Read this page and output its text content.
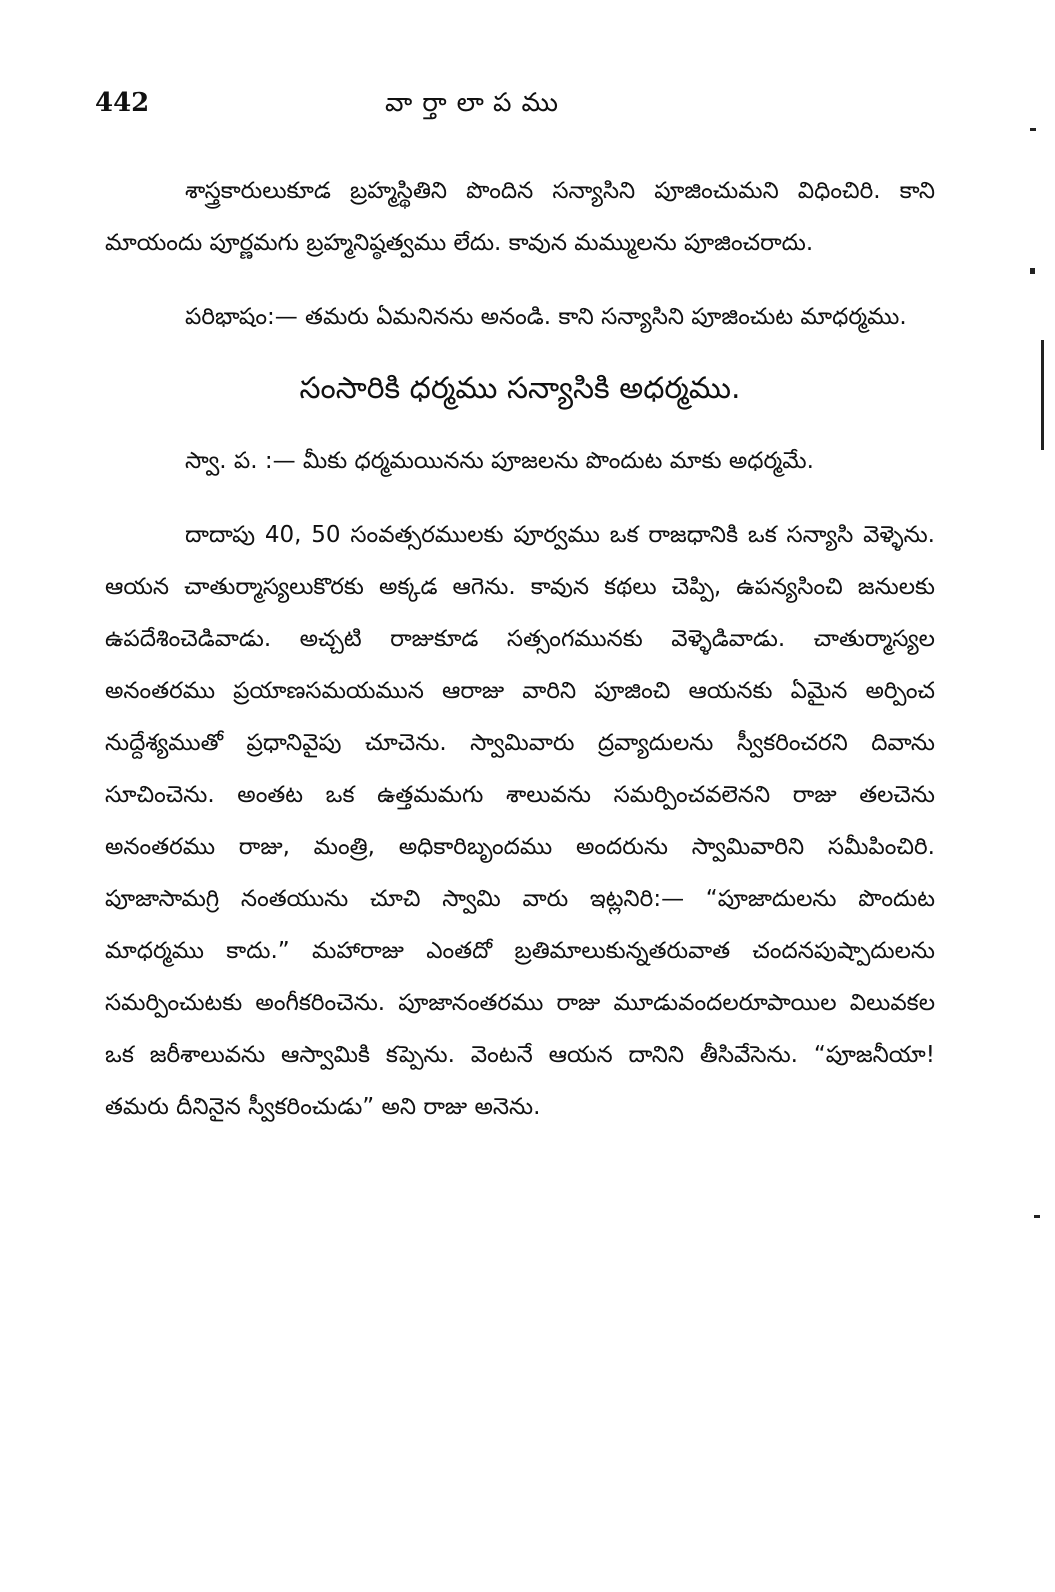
442	వార్తాలాపము

శాస్త్రకారులుకూడ బ్రహ్మస్థితిని పొందిన సన్యాసిని పూజించుమని విధించిరి. కాని మాయందు పూర్ణమగు బ్రహ్మనిష్ఠత్వము లేదు. కావున మమ్ములను పూజించరాదు.

పరిభాషం:— తమరు ఏమనినను అనండి. కాని సన్యాసిని పూజించుట మాధర్మము.

సంసారికి ధర్మము సన్యాసికి అధర్మము.

స్వా. ప. :— మీకు ధర్మమయినను పూజలను పొందుట మాకు అధర్మమే.

దాదాపు 40, 50 సంవత్సరములకు పూర్వము ఒక రాజధానికి ఒక సన్యాసి వెళ్ళెను. ఆయన చాతుర్మాస్యలుకొరకు అక్కడ ఆగెను. కావున కథలు చెప్పి, ఉపన్యసించి జనులకు ఉపదేశించెడివాడు. అచ్చటి రాజుకూడ సత్సంగమునకు వెళ్ళెడివాడు. చాతుర్మాస్యల అనంతరము ప్రయాణసమయమున ఆరాజు వారిని పూజించి ఆయనకు ఏమైన అర్పించ నుద్దేశ్యముతో ప్రధానివైపు చూచెను. స్వామివారు ద్రవ్యాదులను స్వీకరించరని దివాను సూచించెను. అంతట ఒక ఉత్తమమగు శాలువను సమర్పించవలెనని రాజు తలచెను అనంతరము రాజు, మంత్రి, అధికారిబృందము అందరును స్వామివారిని సమీపించిరి. పూజాసామగ్రి నంతయును చూచి స్వామి వారు ఇట్లనిరి:— “పూజాదులను పొందుట మాధర్మము కాదు.” మహారాజు ఎంతదో బ్రతిమాలుకున్నతరువాత చందనపుష్పాదులను సమర్పించుటకు అంగీకరించెను. పూజానంతరము రాజు మూడువందలరూపాయిల విలువకల ఒక జరీశాలువను ఆస్వామికి కప్పెను. వెంటనే ఆయన దానిని తీసివేసెను. “పూజనీయా! తమరు దీనినైన స్వీకరించుడు” అని రాజు అనెను.
